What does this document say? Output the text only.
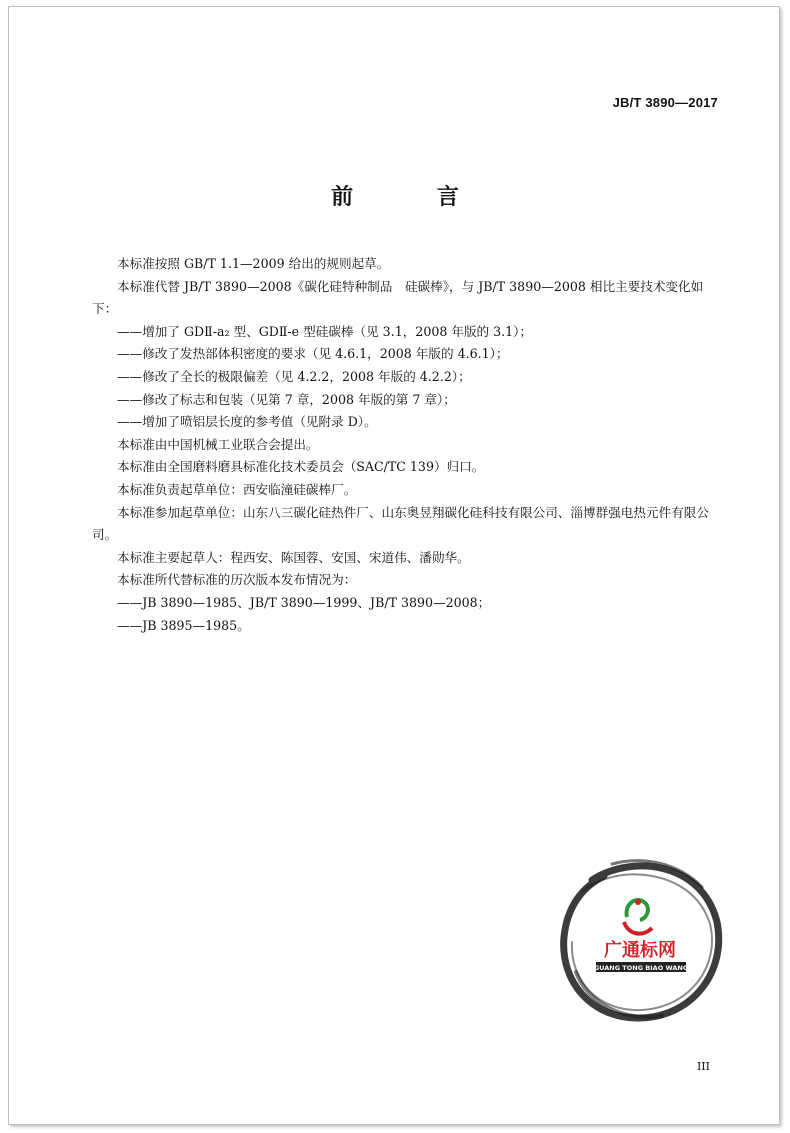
JB/T 3890—2017
前 言

本标准按照 GB/T 1.1—2009 给出的规则起草。

本标准代替 JB/T 3890—2008《碳化硅特种制品　硅碳棒》，与 JB/T 3890—2008 相比主要技术变化如下：

——增加了 GDⅡ-a₂ 型、GDⅡ-e 型硅碳棒（见 3.1，2008 年版的 3.1）；

——修改了发热部体积密度的要求（见 4.6.1，2008 年版的 4.6.1）；

——修改了全长的极限偏差（见 4.2.2，2008 年版的 4.2.2）；

——修改了标志和包装（见第 7 章，2008 年版的第 7 章）；

——增加了喷铝层长度的参考值（见附录 D）。

本标准由中国机械工业联合会提出。

本标准由全国磨料磨具标准化技术委员会（SAC/TC 139）归口。

本标准负责起草单位：西安临潼硅碳棒厂。

本标准参加起草单位：山东八三碳化硅热件厂、山东奥昱翔碳化硅科技有限公司、淄博群强电热元件有限公司。

本标准主要起草人：程西安、陈国蓉、安国、宋道伟、潘勋华。

本标准所代替标准的历次版本发布情况为：

——JB 3890—1985、JB/T 3890—1999、JB/T 3890—2008；

——JB 3895—1985。

广通标网
GUANG TONG BIAO WANG
III
